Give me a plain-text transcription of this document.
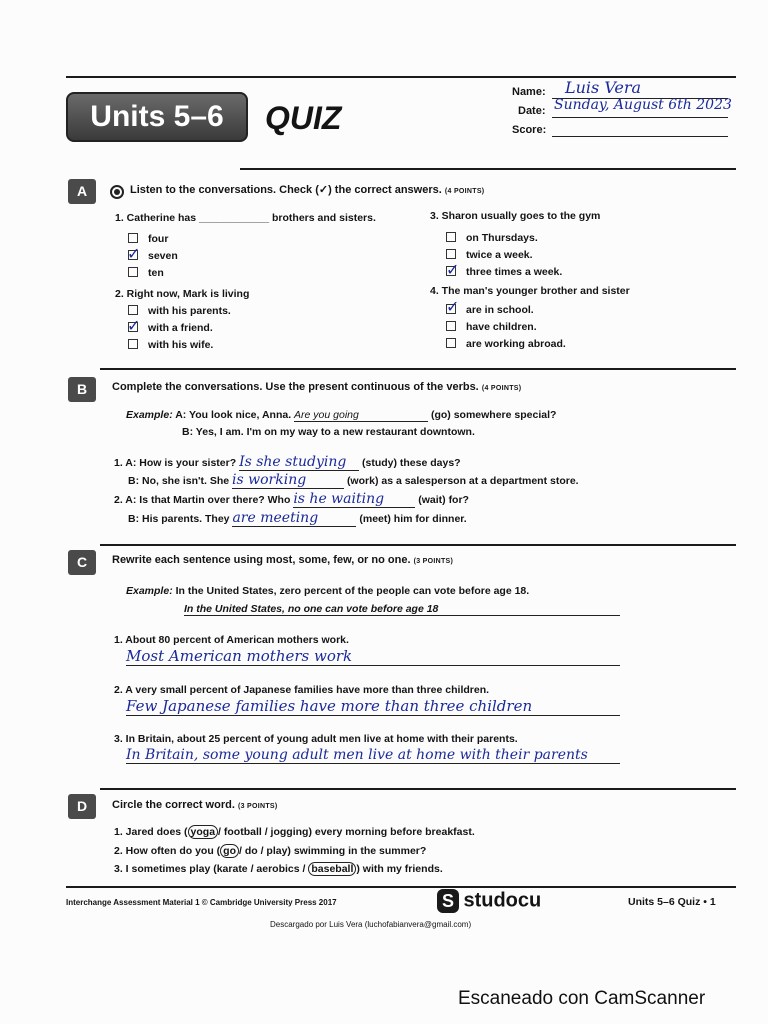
Units 5–6	QUIZ
Name: Luis Vera
Date: Sunday, August 6th 2023
Score:
A	Listen to the conversations. Check (✓) the correct answers. (4 POINTS)
1. Catherine has ____________ brothers and sisters.
four
seven
ten
✓
2. Right now, Mark is living
with his parents.
with a friend.
with his wife.
✓
3. Sharon usually goes to the gym
on Thursdays.
twice a week.
three times a week.
✓
4. The man's younger brother and sister
are in school.
have children.
are working abroad.
✓
B	Complete the conversations. Use the present continuous of the verbs. (4 POINTS)
Example: A: You look nice, Anna. Are you going	(go) somewhere special?
B: Yes, I am. I'm on my way to a new restaurant downtown.
1. A: How is your sister? Is she studying (study) these days?
B: No, she isn't. She is working	(work) as a salesperson at a department store.
2. A: Is that Martin over there? Who is he waiting	(wait) for?
B: His parents. They are meeting	(meet) him for dinner.
C	Rewrite each sentence using most, some, few, or no one. (3 POINTS)
Example: In the United States, zero percent of the people can vote before age 18.
In the United States, no one can vote before age 18
1. About 80 percent of American mothers work.
Most American mothers work
2. A very small percent of Japanese families have more than three children.
Few Japanese families have more than three children
3. In Britain, about 25 percent of young adult men live at home with their parents.
In Britain, some young adult men live at home with their parents
D	Circle the correct word. (3 POINTS)
1. Jared does ( yoga / football / jogging) every morning before breakfast.
2. How often do you ( go / do / play) swimming in the summer?
3. I sometimes play (karate / aerobics / baseball ) with my friends.
Interchange Assessment Material 1 © Cambridge University Press 2017	S studocu	Units 5–6 Quiz • 1
Descargado por Luis Vera (luchofabianvera@gmail.com)
Escaneado con CamScanner
